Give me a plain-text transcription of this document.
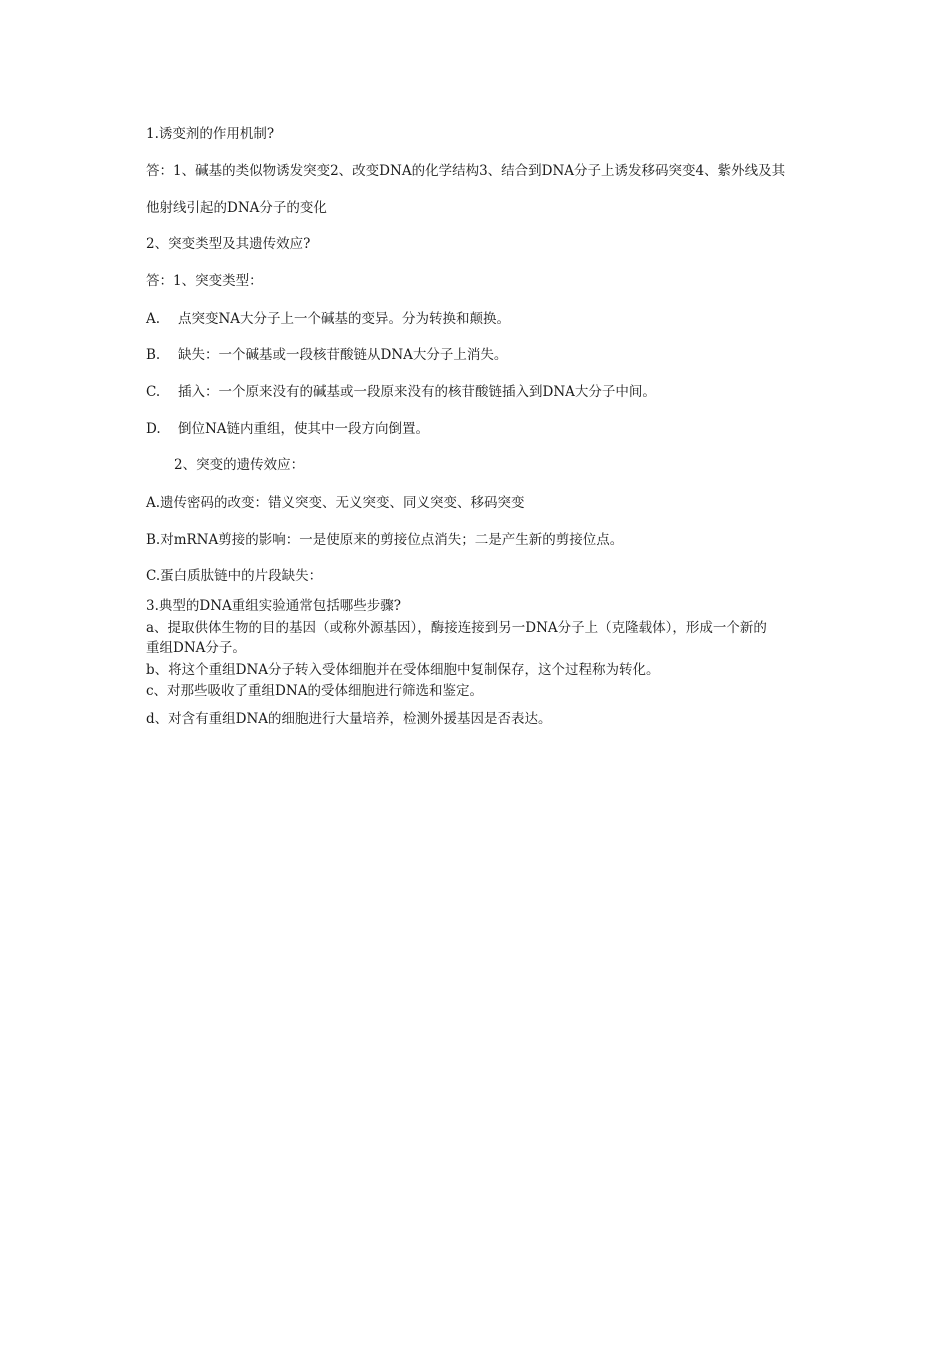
1.诱变剂的作用机制?
答：1、碱基的类似物诱发突变2、改变DNA的化学结构3、结合到DNA分子上诱发移码突变4、紫外线及其
他射线引起的DNA分子的变化
2、突变类型及其遗传效应?
答：1、突变类型：
A. 点突变NA大分子上一个碱基的变异。分为转换和颠换。
B. 缺失：一个碱基或一段核苷酸链从DNA大分子上消失。
C. 插入：一个原来没有的碱基或一段原来没有的核苷酸链插入到DNA大分子中间。
D. 倒位NA链内重组，使其中一段方向倒置。
2、突变的遗传效应：
A.遗传密码的改变：错义突变、无义突变、同义突变、移码突变
B.对mRNA剪接的影响：一是使原来的剪接位点消失；二是产生新的剪接位点。
C.蛋白质肽链中的片段缺失：
3.典型的DNA重组实验通常包括哪些步骤?
a、提取供体生物的目的基因（或称外源基因），酶接连接到另一DNA分子上（克隆载体），形成一个新的
重组DNA分子。
b、将这个重组DNA分子转入受体细胞并在受体细胞中复制保存，这个过程称为转化。
c、对那些吸收了重组DNA的受体细胞进行筛选和鉴定。
d、对含有重组DNA的细胞进行大量培养，检测外援基因是否表达。
